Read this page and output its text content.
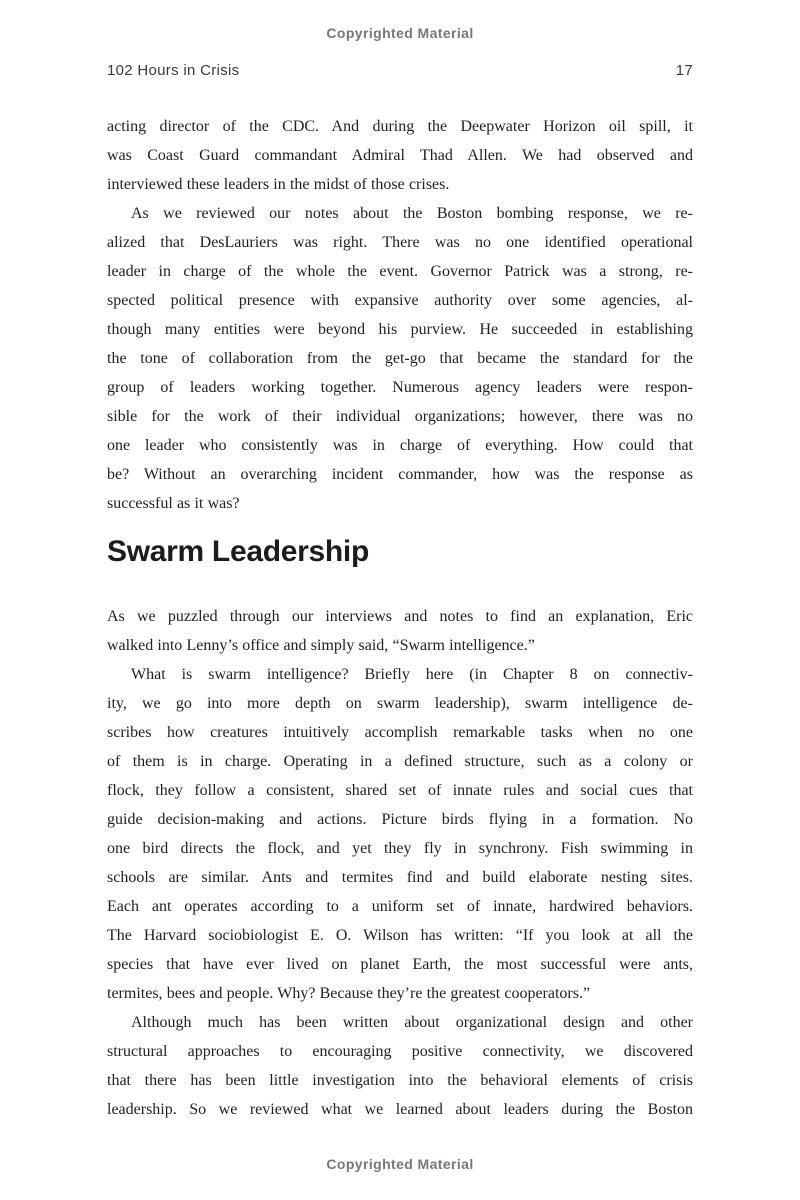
Copyrighted Material
102 Hours in Crisis	17
acting director of the CDC. And during the Deepwater Horizon oil spill, it
was Coast Guard commandant Admiral Thad Allen. We had observed and
interviewed these leaders in the midst of those crises.
As we reviewed our notes about the Boston bombing response, we re-
alized that DesLauriers was right. There was no one identified operational
leader in charge of the whole the event. Governor Patrick was a strong, re-
spected political presence with expansive authority over some agencies, al-
though many entities were beyond his purview. He succeeded in establishing
the tone of collaboration from the get-go that became the standard for the
group of leaders working together. Numerous agency leaders were respon-
sible for the work of their individual organizations; however, there was no
one leader who consistently was in charge of everything. How could that
be? Without an overarching incident commander, how was the response as
successful as it was?
Swarm Leadership
As we puzzled through our interviews and notes to find an explanation, Eric
walked into Lenny’s office and simply said, “Swarm intelligence.”
What is swarm intelligence? Briefly here (in Chapter 8 on connectiv-
ity, we go into more depth on swarm leadership), swarm intelligence de-
scribes how creatures intuitively accomplish remarkable tasks when no one
of them is in charge. Operating in a defined structure, such as a colony or
flock, they follow a consistent, shared set of innate rules and social cues that
guide decision-making and actions. Picture birds flying in a formation. No
one bird directs the flock, and yet they fly in synchrony. Fish swimming in
schools are similar. Ants and termites find and build elaborate nesting sites.
Each ant operates according to a uniform set of innate, hardwired behaviors.
The Harvard sociobiologist E. O. Wilson has written: “If you look at all the
species that have ever lived on planet Earth, the most successful were ants,
termites, bees and people. Why? Because they’re the greatest cooperators.”
Although much has been written about organizational design and other
structural approaches to encouraging positive connectivity, we discovered
that there has been little investigation into the behavioral elements of crisis
leadership. So we reviewed what we learned about leaders during the Boston
Copyrighted Material
